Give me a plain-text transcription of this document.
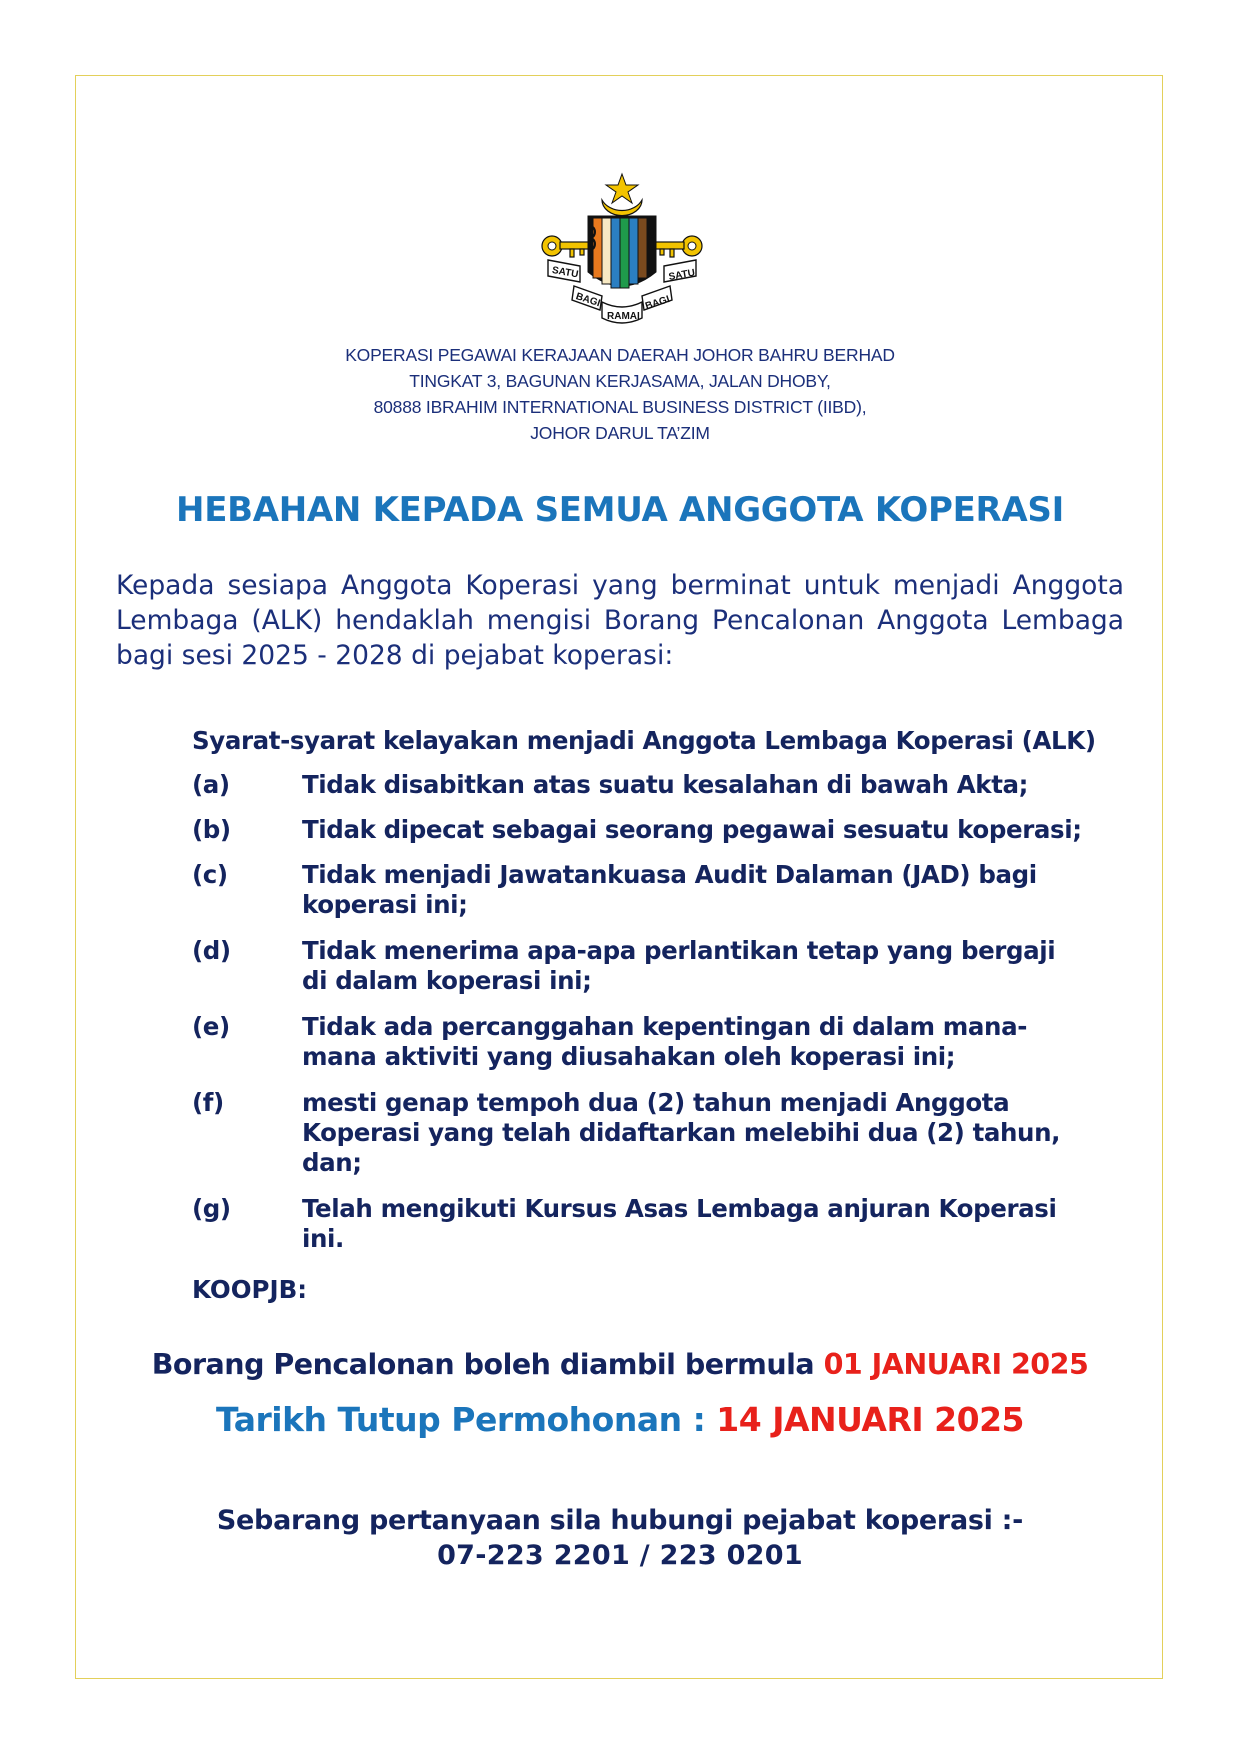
SATU	SATU
BAGI	BAGI
RAMAI
KOPERASI PEGAWAI KERAJAAN DAERAH JOHOR BAHRU BERHAD
TINGKAT 3, BAGUNAN KERJASAMA, JALAN DHOBY,
80888 IBRAHIM INTERNATIONAL BUSINESS DISTRICT (IIBD),
JOHOR DARUL TA’ZIM
HEBAHAN KEPADA SEMUA ANGGOTA KOPERASI
Kepada sesiapa Anggota Koperasi yang berminat untuk menjadi Anggota Lembaga (ALK) hendaklah mengisi Borang Pencalonan Anggota Lembaga bagi sesi 2025 - 2028 di pejabat koperasi:
Syarat-syarat kelayakan menjadi Anggota Lembaga Koperasi (ALK)
(a)	Tidak disabitkan atas suatu kesalahan di bawah Akta;
(b)	Tidak dipecat sebagai seorang pegawai sesuatu koperasi;
(c)	Tidak menjadi Jawatankuasa Audit Dalaman (JAD) bagi koperasi ini;
(d)	Tidak menerima apa-apa perlantikan tetap yang bergaji di dalam koperasi ini;
(e)	Tidak ada percanggahan kepentingan di dalam mana-mana aktiviti yang diusahakan oleh koperasi ini;
(f)	mesti genap tempoh dua (2) tahun menjadi Anggota Koperasi yang telah didaftarkan melebihi dua (2) tahun, dan;
(g)	Telah mengikuti Kursus Asas Lembaga anjuran Koperasi ini.
KOOPJB:
Borang Pencalonan boleh diambil bermula 01 JANUARI 2025
Tarikh Tutup Permohonan : 14 JANUARI 2025
Sebarang pertanyaan sila hubungi pejabat koperasi :-
07-223 2201 / 223 0201
